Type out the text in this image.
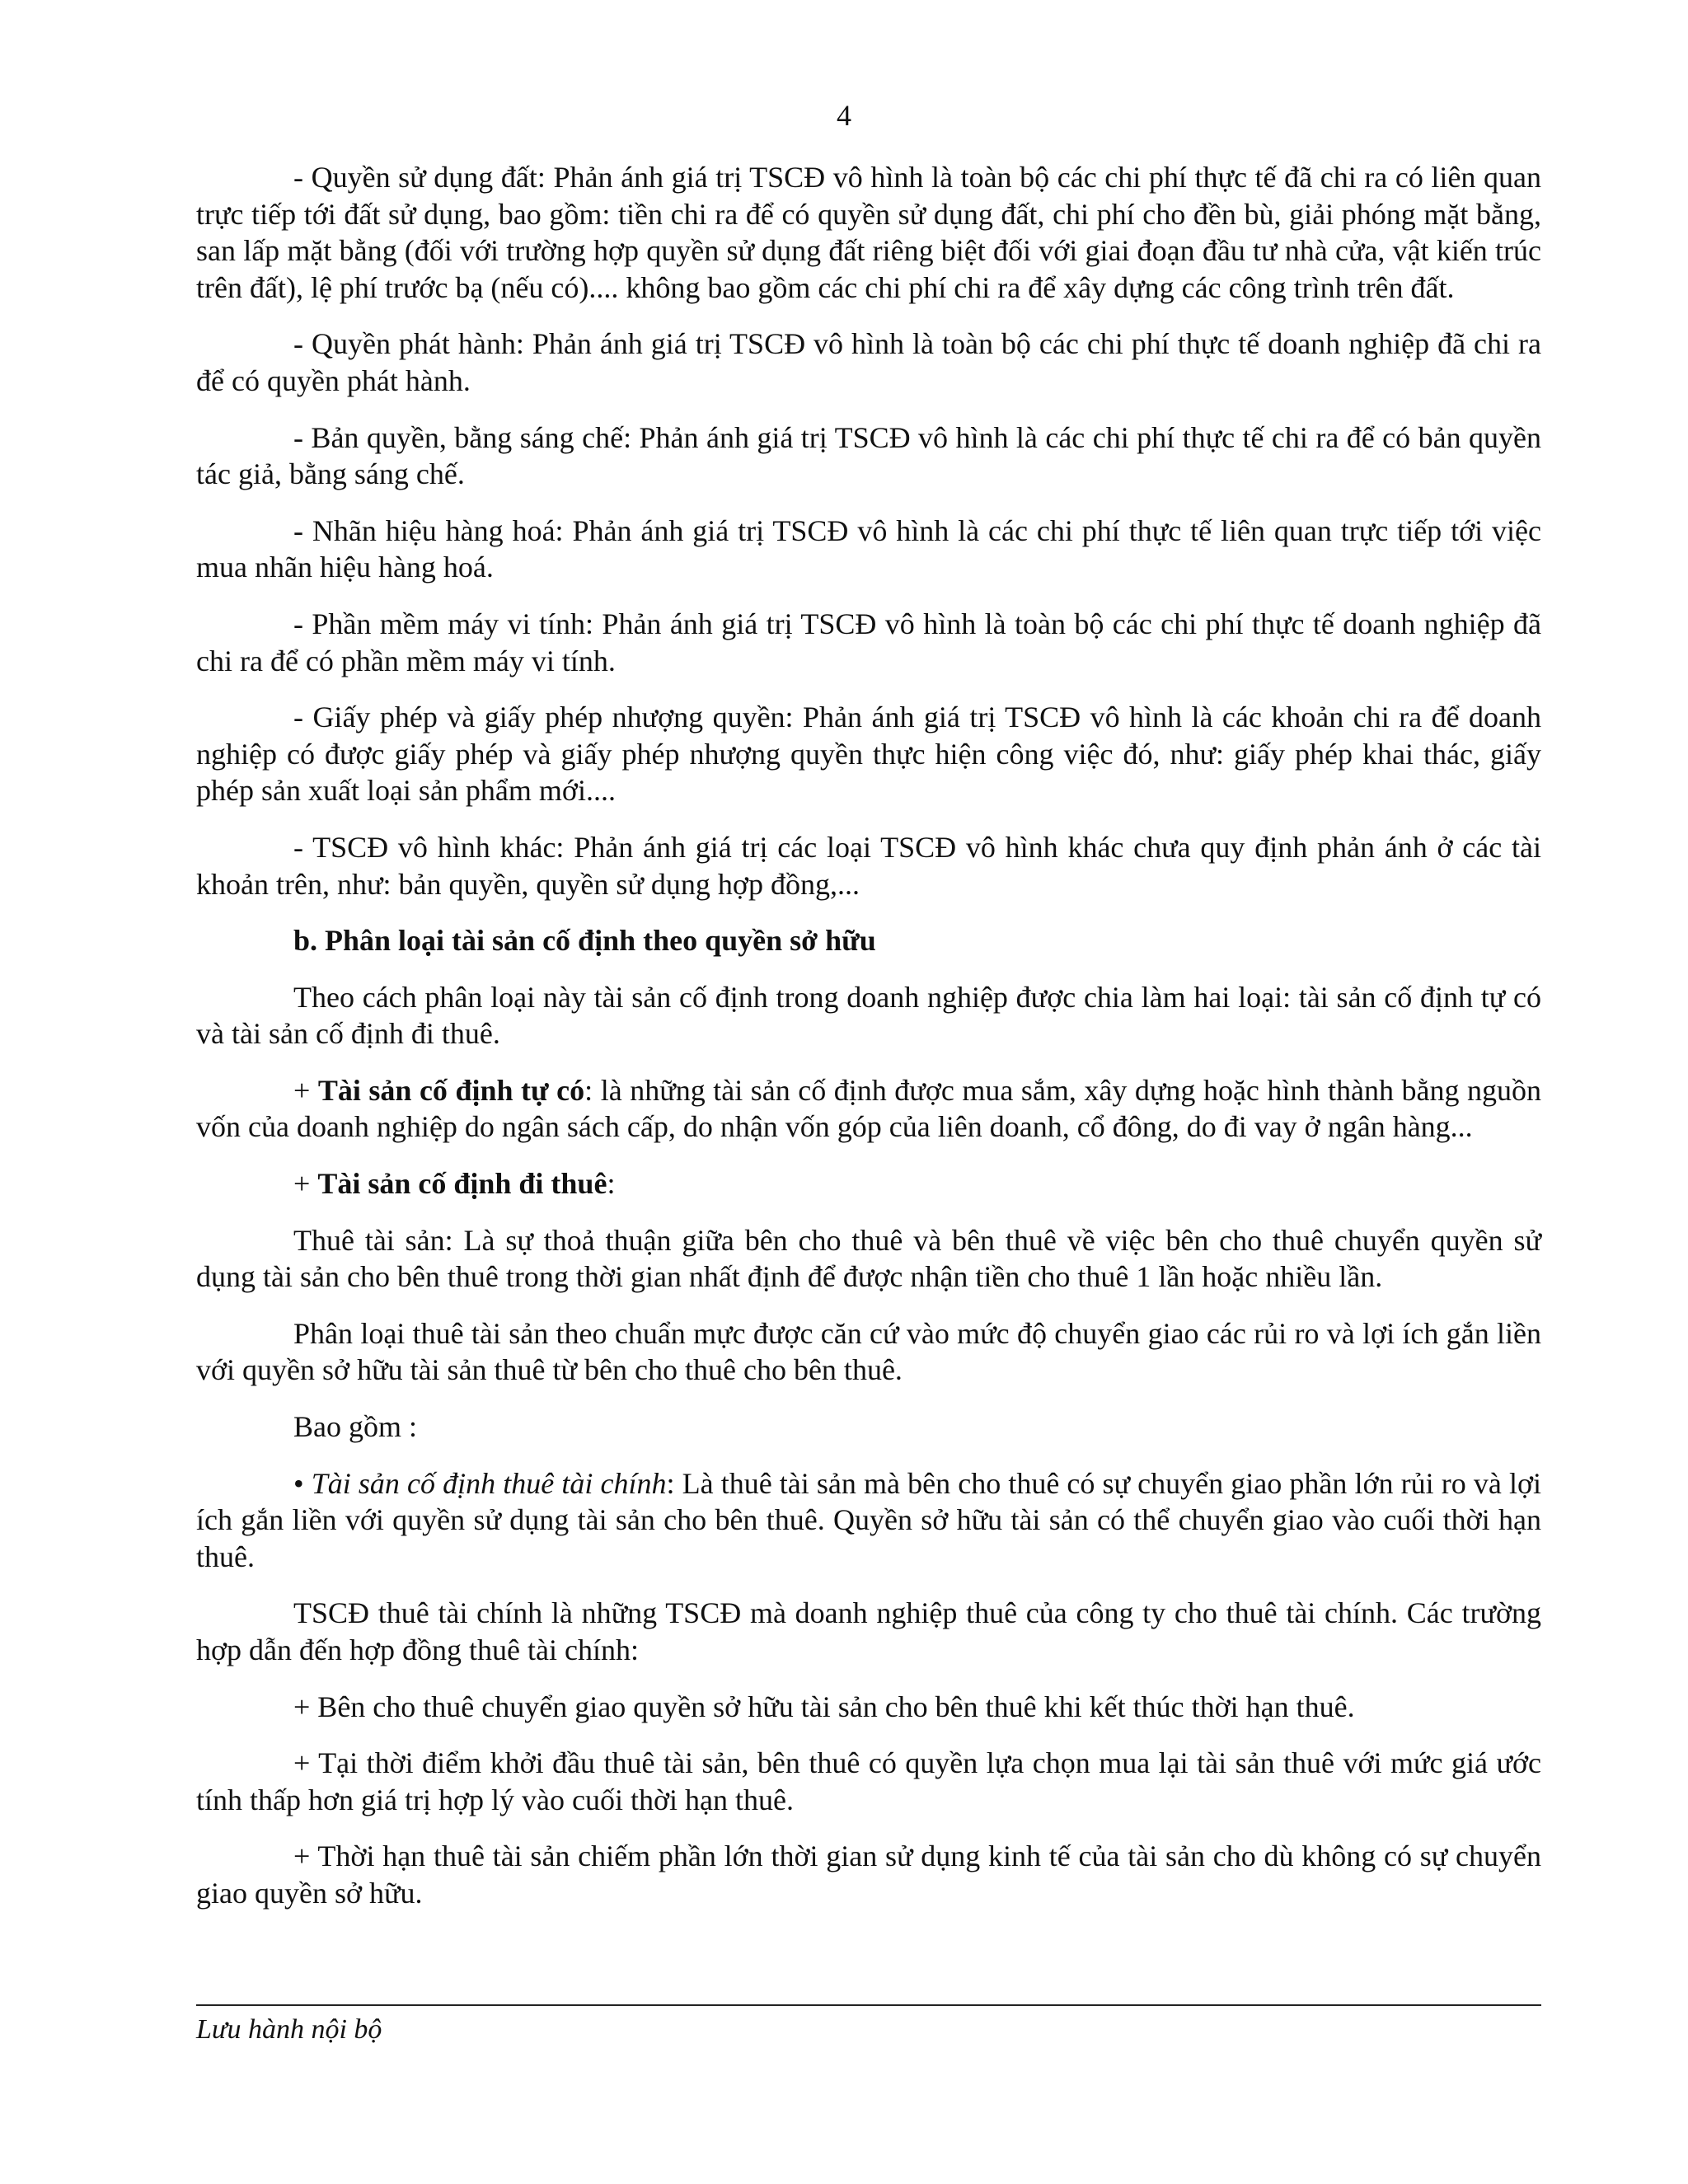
4

- Quyền sử dụng đất: Phản ánh giá trị TSCĐ vô hình là toàn bộ các chi phí thực tế đã chi ra có liên quan trực tiếp tới đất sử dụng, bao gồm: tiền chi ra để có quyền sử dụng đất, chi phí cho đền bù, giải phóng mặt bằng, san lấp mặt bằng (đối với trường hợp quyền sử dụng đất riêng biệt đối với giai đoạn đầu tư nhà cửa, vật kiến trúc trên đất), lệ phí trước bạ (nếu có).... không bao gồm các chi phí chi ra để xây dựng các công trình trên đất.

- Quyền phát hành: Phản ánh giá trị TSCĐ vô hình là toàn bộ các chi phí thực tế doanh nghiệp đã chi ra để có quyền phát hành.

- Bản quyền, bằng sáng chế: Phản ánh giá trị TSCĐ vô hình là các chi phí thực tế chi ra để có bản quyền tác giả, bằng sáng chế.

- Nhãn hiệu hàng hoá: Phản ánh giá trị TSCĐ vô hình là các chi phí thực tế liên quan trực tiếp tới việc mua nhãn hiệu hàng hoá.

- Phần mềm máy vi tính: Phản ánh giá trị TSCĐ vô hình là toàn bộ các chi phí thực tế doanh nghiệp đã chi ra để có phần mềm máy vi tính.

- Giấy phép và giấy phép nhượng quyền: Phản ánh giá trị TSCĐ vô hình là các khoản chi ra để doanh nghiệp có được giấy phép và giấy phép nhượng quyền thực hiện công việc đó, như: giấy phép khai thác, giấy phép sản xuất loại sản phẩm mới....

- TSCĐ vô hình khác: Phản ánh giá trị các loại TSCĐ vô hình khác chưa quy định phản ánh ở các tài khoản trên, như: bản quyền, quyền sử dụng hợp đồng,...

b. Phân loại tài sản cố định theo quyền sở hữu

Theo cách phân loại này tài sản cố định trong doanh nghiệp được chia làm hai loại: tài sản cố định tự có và tài sản cố định đi thuê.

+ Tài sản cố định tự có: là những tài sản cố định được mua sắm, xây dựng hoặc hình thành bằng nguồn vốn của doanh nghiệp do ngân sách cấp, do nhận vốn góp của liên doanh, cổ đông, do đi vay ở ngân hàng...

+ Tài sản cố định đi thuê:

Thuê tài sản: Là sự thoả thuận giữa bên cho thuê và bên thuê về việc bên cho thuê chuyển quyền sử dụng tài sản cho bên thuê trong thời gian nhất định để được nhận tiền cho thuê 1 lần hoặc nhiều lần.

Phân loại thuê tài sản theo chuẩn mực được căn cứ vào mức độ chuyển giao các rủi ro và lợi ích gắn liền với quyền sở hữu tài sản thuê từ bên cho thuê cho bên thuê.

Bao gồm :

• Tài sản cố định thuê tài chính: Là thuê tài sản mà bên cho thuê có sự chuyển giao phần lớn rủi ro và lợi ích gắn liền với quyền sử dụng tài sản cho bên thuê. Quyền sở hữu tài sản có thể chuyển giao vào cuối thời hạn thuê.

TSCĐ thuê tài chính là những TSCĐ mà doanh nghiệp thuê của công ty cho thuê tài chính. Các trường hợp dẫn đến hợp đồng thuê tài chính:

+ Bên cho thuê chuyển giao quyền sở hữu tài sản cho bên thuê khi kết thúc thời hạn thuê.

+ Tại thời điểm khởi đầu thuê tài sản, bên thuê có quyền lựa chọn mua lại tài sản thuê với mức giá ước tính thấp hơn giá trị hợp lý vào cuối thời hạn thuê.

+ Thời hạn thuê tài sản chiếm phần lớn thời gian sử dụng kinh tế của tài sản cho dù không có sự chuyển giao quyền sở hữu.

Lưu hành nội bộ
